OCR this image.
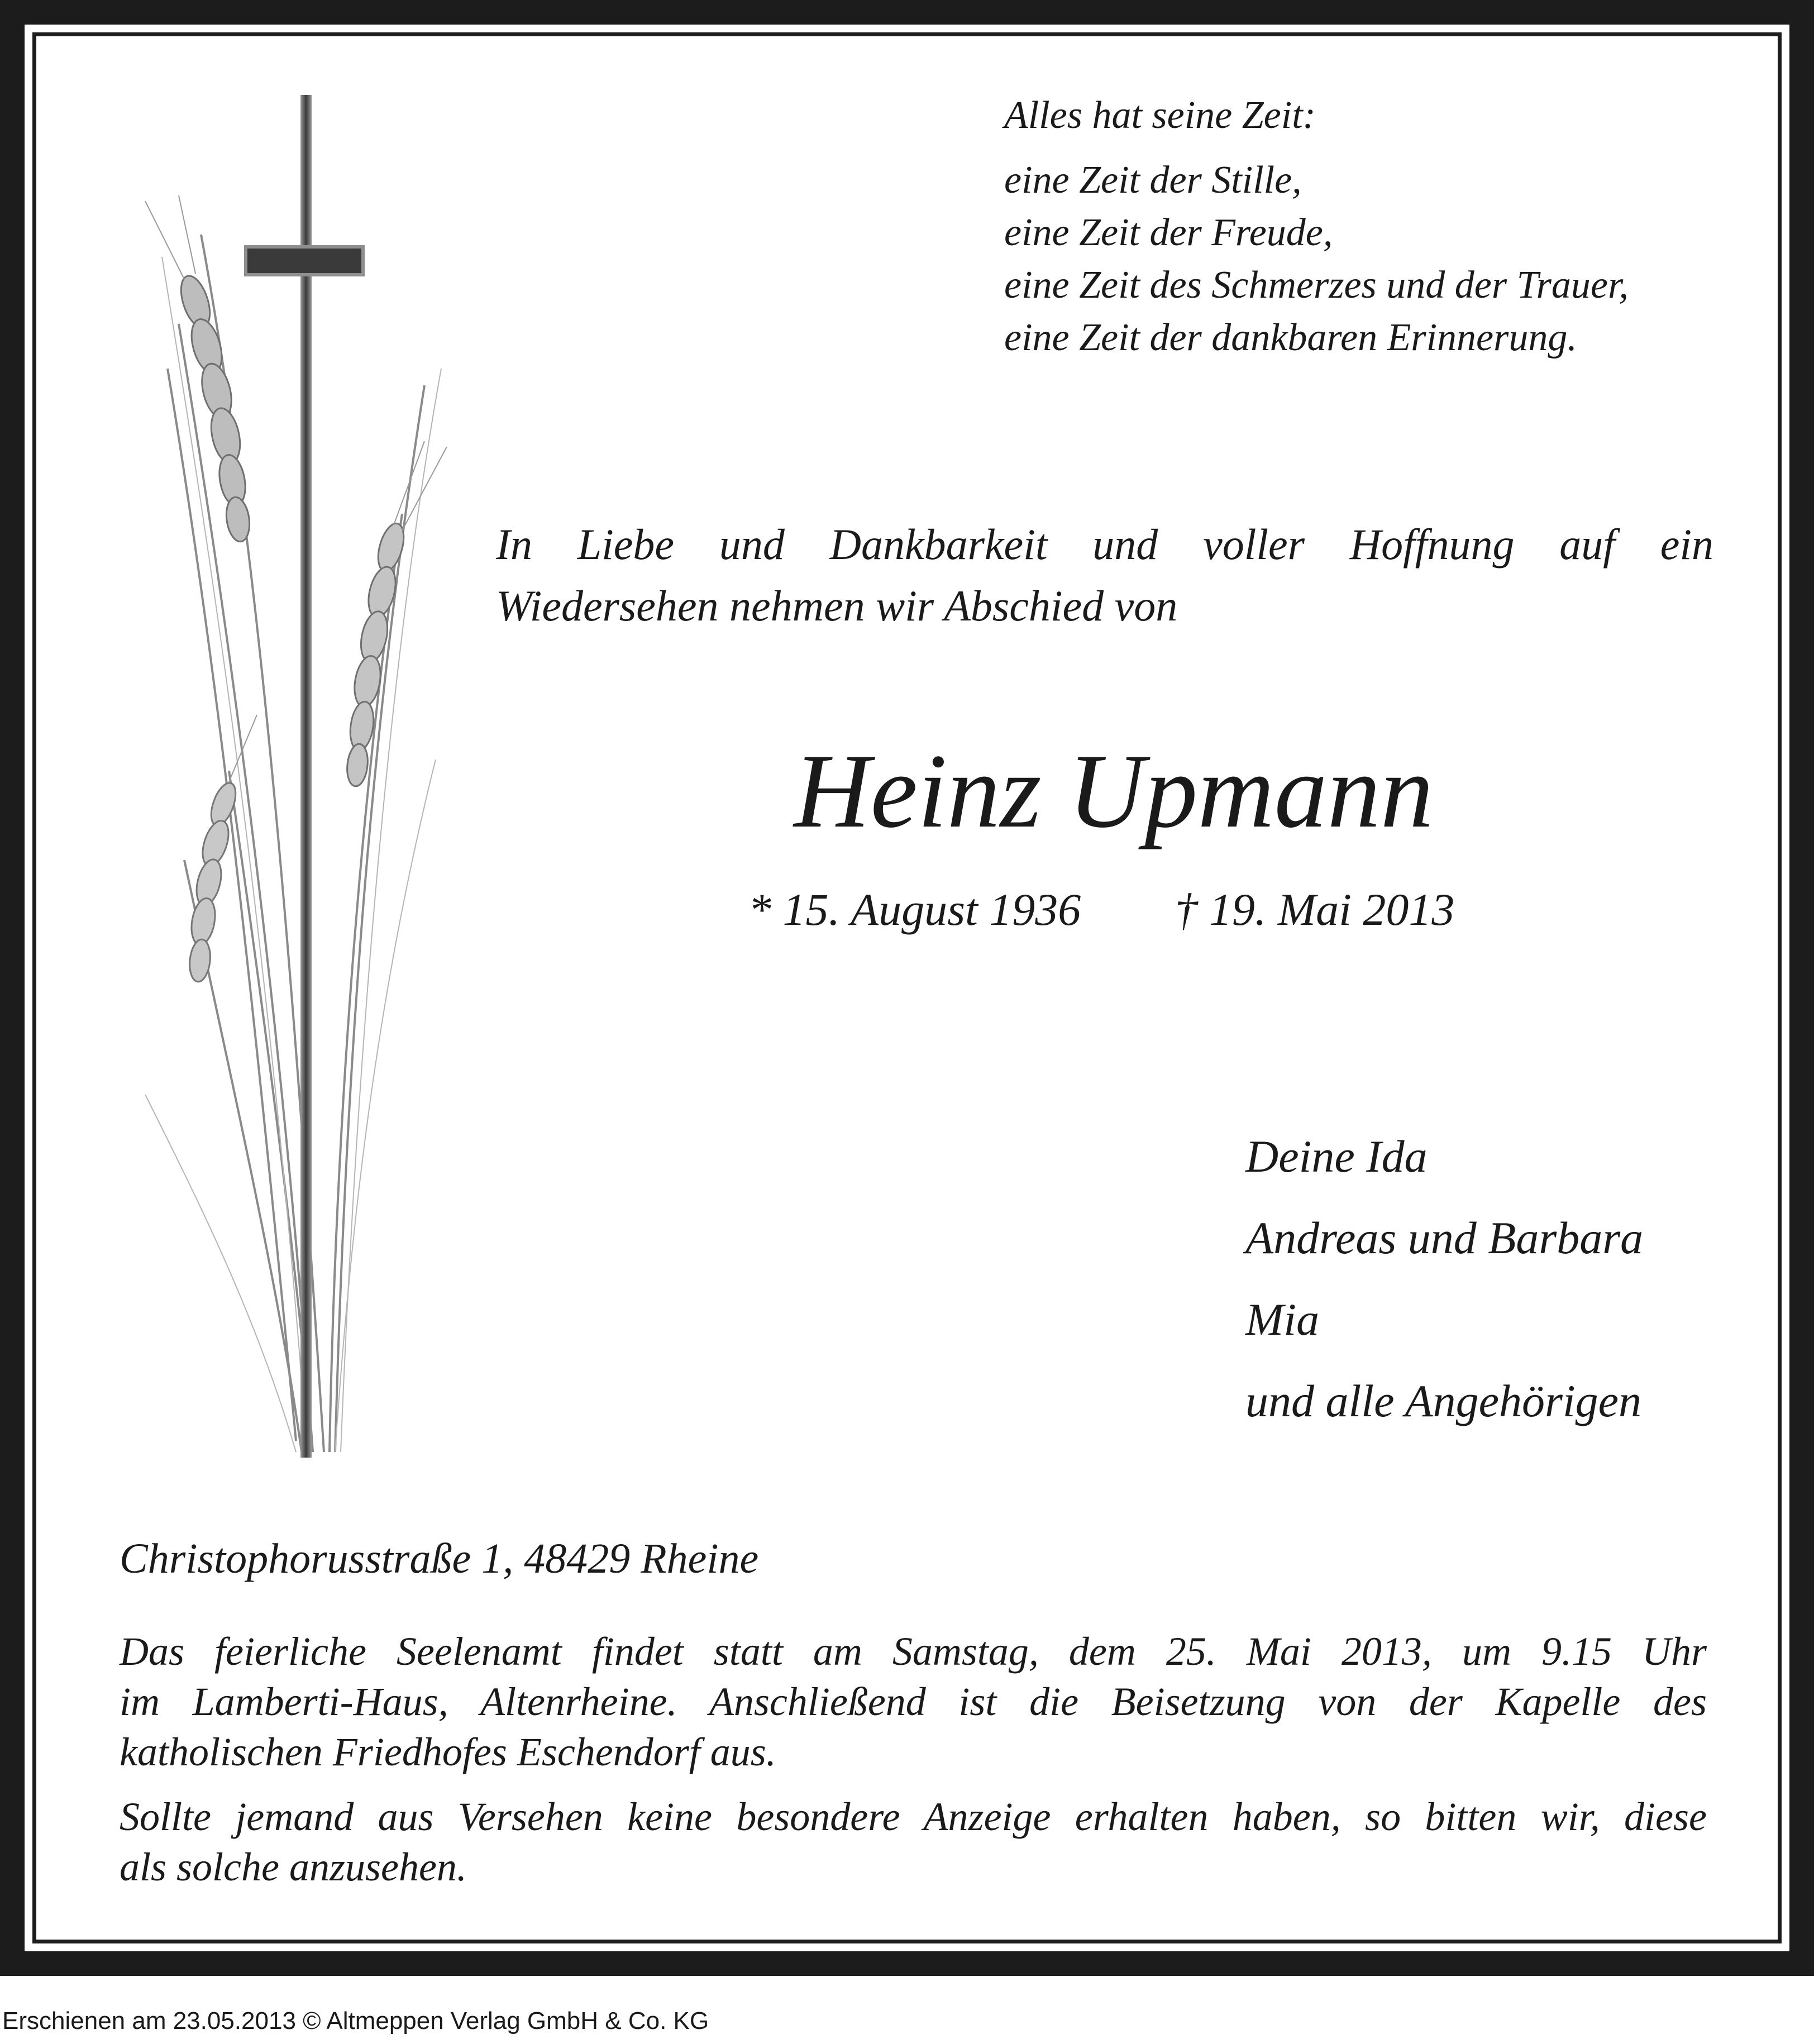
Alles hat seine Zeit:
eine Zeit der Stille,
eine Zeit der Freude,
eine Zeit des Schmerzes und der Trauer,
eine Zeit der dankbaren Erinnerung.
In Liebe und Dankbarkeit und voller Hoffnung auf ein
Wiedersehen nehmen wir Abschied von
Heinz Upmann
* 15. August 1936 † 19. Mai 2013
Deine Ida
Andreas und Barbara
Mia
und alle Angehörigen
Christophorusstraße 1, 48429 Rheine
Das feierliche Seelenamt findet statt am Samstag, dem 25. Mai 2013, um 9.15 Uhr
im Lamberti-Haus, Altenrheine. Anschließend ist die Beisetzung von der Kapelle des
katholischen Friedhofes Eschendorf aus.
Sollte jemand aus Versehen keine besondere Anzeige erhalten haben, so bitten wir, diese
als solche anzusehen.
Erschienen am 23.05.2013 © Altmeppen Verlag GmbH & Co. KG
